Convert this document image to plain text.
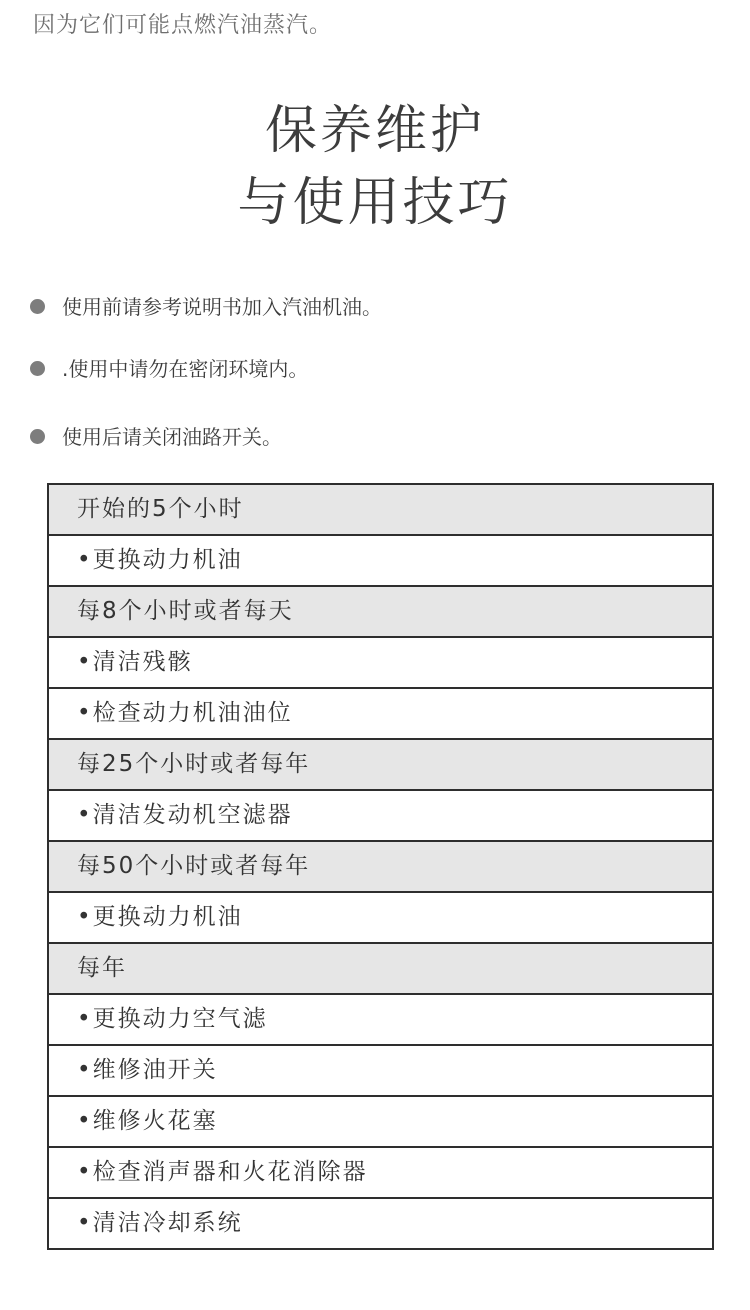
因为它们可能点燃汽油蒸汽。
保养维护
与使用技巧
使用前请参考说明书加入汽油机油。
.使用中请勿在密闭环境内。
使用后请关闭油路开关。
开始的5个小时
•更换动力机油
每8个小时或者每天
•清洁残骸
•检查动力机油油位
每25个小时或者每年
•清洁发动机空滤器
每50个小时或者每年
•更换动力机油
每年
•更换动力空气滤
•维修油开关
•维修火花塞
•检查消声器和火花消除器
•清洁冷却系统
